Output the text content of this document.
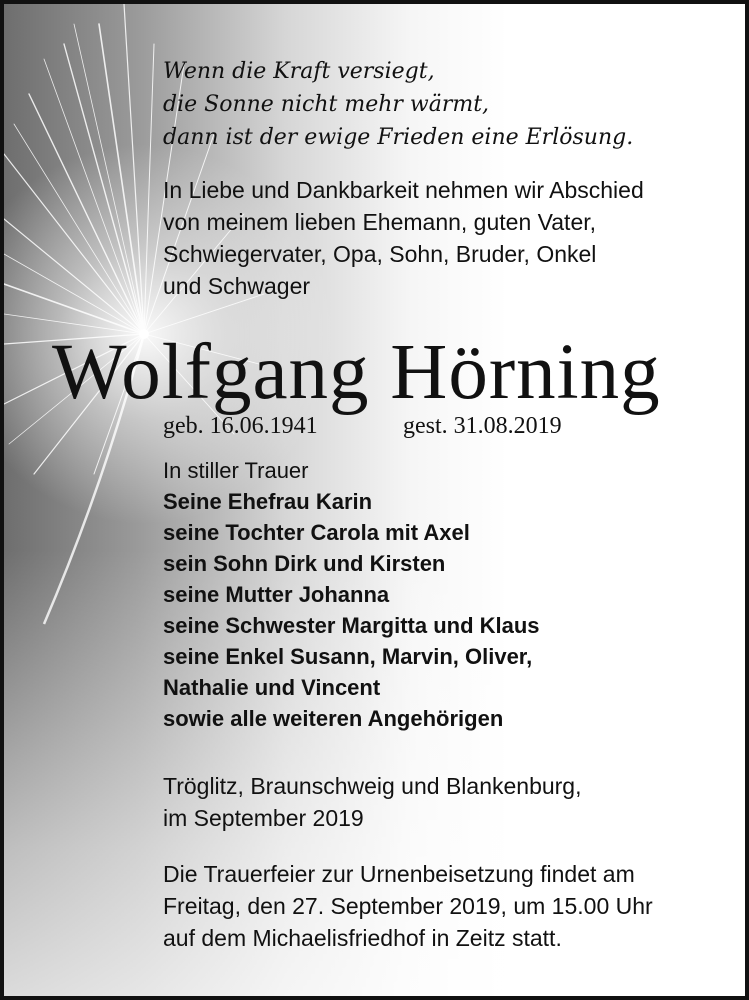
Wenn die Kraft versiegt,
die Sonne nicht mehr wärmt,
dann ist der ewige Frieden eine Erlösung.
In Liebe und Dankbarkeit nehmen wir Abschied
von meinem lieben Ehemann, guten Vater,
Schwiegervater, Opa, Sohn, Bruder, Onkel
und Schwager
Wolfgang Hörning
geb. 16.06.1941	gest. 31.08.2019
In stiller Trauer
Seine Ehefrau Karin
seine Tochter Carola mit Axel
sein Sohn Dirk und Kirsten
seine Mutter Johanna
seine Schwester Margitta und Klaus
seine Enkel Susann, Marvin, Oliver,
Nathalie und Vincent
sowie alle weiteren Angehörigen
Tröglitz, Braunschweig und Blankenburg,
im September 2019
Die Trauerfeier zur Urnenbeisetzung findet am
Freitag, den 27. September 2019, um 15.00 Uhr
auf dem Michaelisfriedhof in Zeitz statt.
